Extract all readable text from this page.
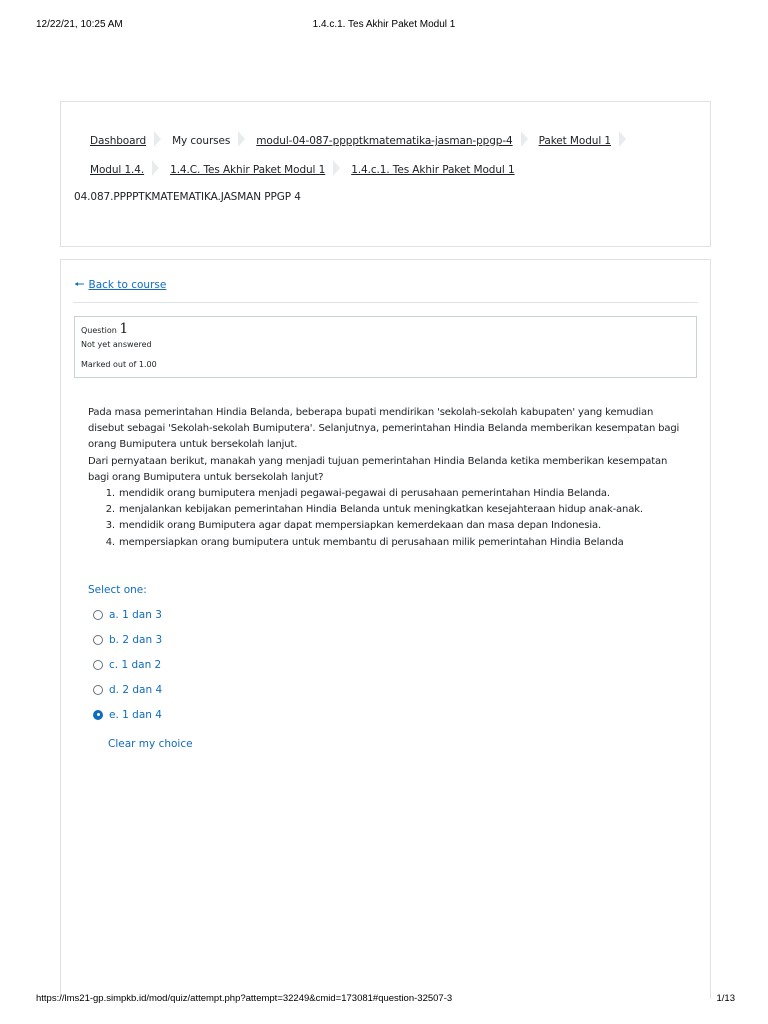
12/22/21, 10:25 AM	1.4.c.1. Tes Akhir Paket Modul 1
Dashboard My courses modul-04-087-pppptkmatematika-jasman-ppgp-4 Paket Modul 1
Modul 1.4. 1.4.C. Tes Akhir Paket Modul 1 1.4.c.1. Tes Akhir Paket Modul 1
04.087.PPPPTKMATEMATIKA.JASMAN PPGP 4
🠔 Back to course
Question 1
Not yet answered
Marked out of 1.00

Pada masa pemerintahan Hindia Belanda, beberapa bupati mendirikan 'sekolah-sekolah kabupaten' yang kemudian disebut sebagai 'Sekolah-sekolah Bumiputera'. Selanjutnya, pemerintahan Hindia Belanda memberikan kesempatan bagi orang Bumiputera untuk bersekolah lanjut.

Dari pernyataan berikut, manakah yang menjadi tujuan pemerintahan Hindia Belanda ketika memberikan kesempatan bagi orang Bumiputera untuk bersekolah lanjut?

1. mendidik orang bumiputera menjadi pegawai-pegawai di perusahaan pemerintahan Hindia Belanda.
2. menjalankan kebijakan pemerintahan Hindia Belanda untuk meningkatkan kesejahteraan hidup anak-anak.
3. mendidik orang Bumiputera agar dapat mempersiapkan kemerdekaan dan masa depan Indonesia.
4. mempersiapkan orang bumiputera untuk membantu di perusahaan milik pemerintahan Hindia Belanda
Select one:
a. 1 dan 3
b. 2 dan 3
c. 1 dan 2
d. 2 dan 4
e. 1 dan 4
Clear my choice
https://lms21-gp.simpkb.id/mod/quiz/attempt.php?attempt=32249&cmid=173081#question-32507-3	1/13
